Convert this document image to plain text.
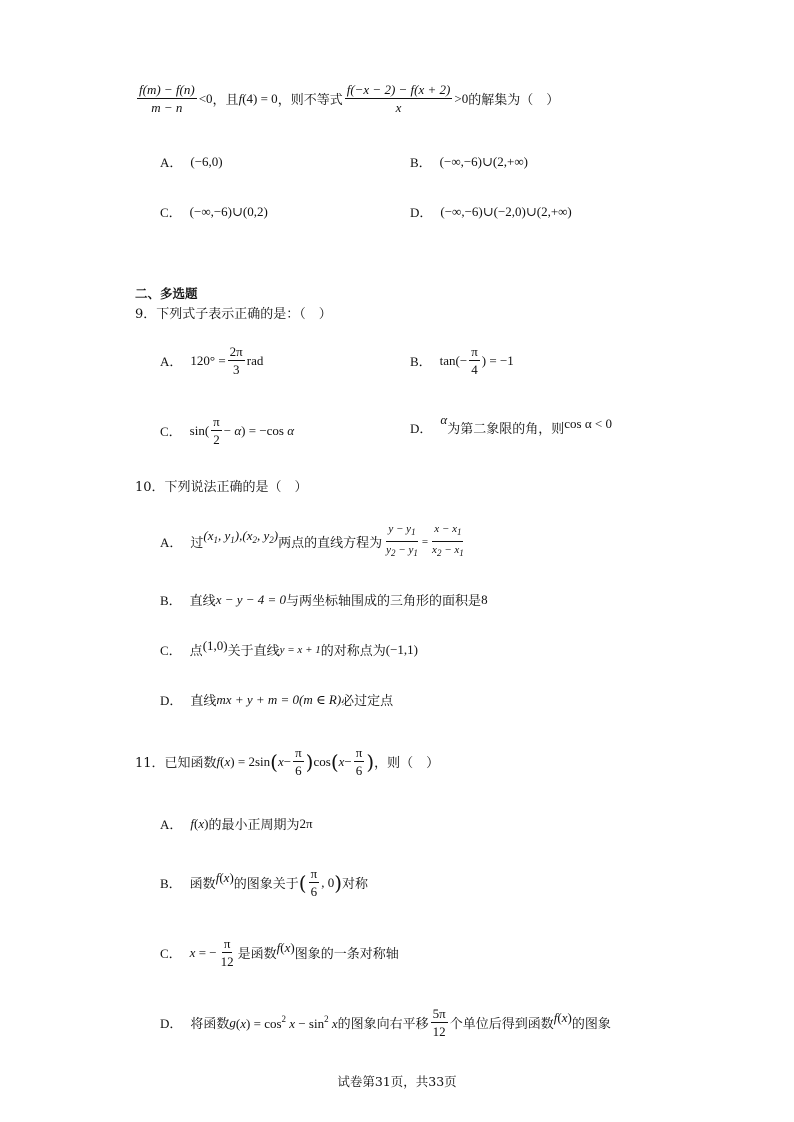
$\frac{f(m) - f(n)}{m - n} <0$ ，且 f (4) = 0 ，则不等式 $\frac{f(-x - 2) - f(x + 2)}{x} >0$ 的解集为（　）
A． (−6,0)	B． (−∞,−6)∪(2,+∞)
C． (−∞,−6)∪(0,2)	D． (−∞,−6)∪(−2,0)∪(2,+∞)
二、多选题
9．下列式子表示正确的是：（　）
A． $120^\circ = \frac{2\pi}{3}$ rad	B． $\tan(- \frac{\pi}{4}$ ) = −1
C． $\sin( \frac{\pi}{2} - \alpha) = -\cos$ α	D．
α
为第二象限的角，则 cos α < 0
10．下列说法正确的是（　）
A． 过
($x_1$, $y_1),(x_2$, $y_2$)
两点的直线方程为 $\frac{y - y_1}{y_2 - y_1} = \frac{x - x_1}{x_2 - x_1}$
B． 直线 x − y − 4 = 0 与两坐标轴围成的三角形的面积是 8
C． 点 (1,0) 关于直线 y = x + 1 的对称点为 (−1,1)
D． 直线 mx + y + m = 0(m ∈ R) 必过定点
11．已知函数 f (x) = 2sin ( $x - \frac{\pi}{6}$ ) cos ( $x - \frac{\pi}{6}$ ) ，则（　）
A． f (x) 的最小正周期为 2π
B． 函数 f (x) 的图象关于 ( $\frac{\pi}{6}$ , 0 ) 对称
C． x = − $\frac{\pi}{12}$ 是函数 f (x) 图象的一条对称轴
D． 将函数 g $(x) = \cos^2 x - \sin^2 x$ 的图象向右平移 $\frac{5\pi}{12}$ 个单位后得到函数 f (x) 的图象
试卷第31页，共33页
